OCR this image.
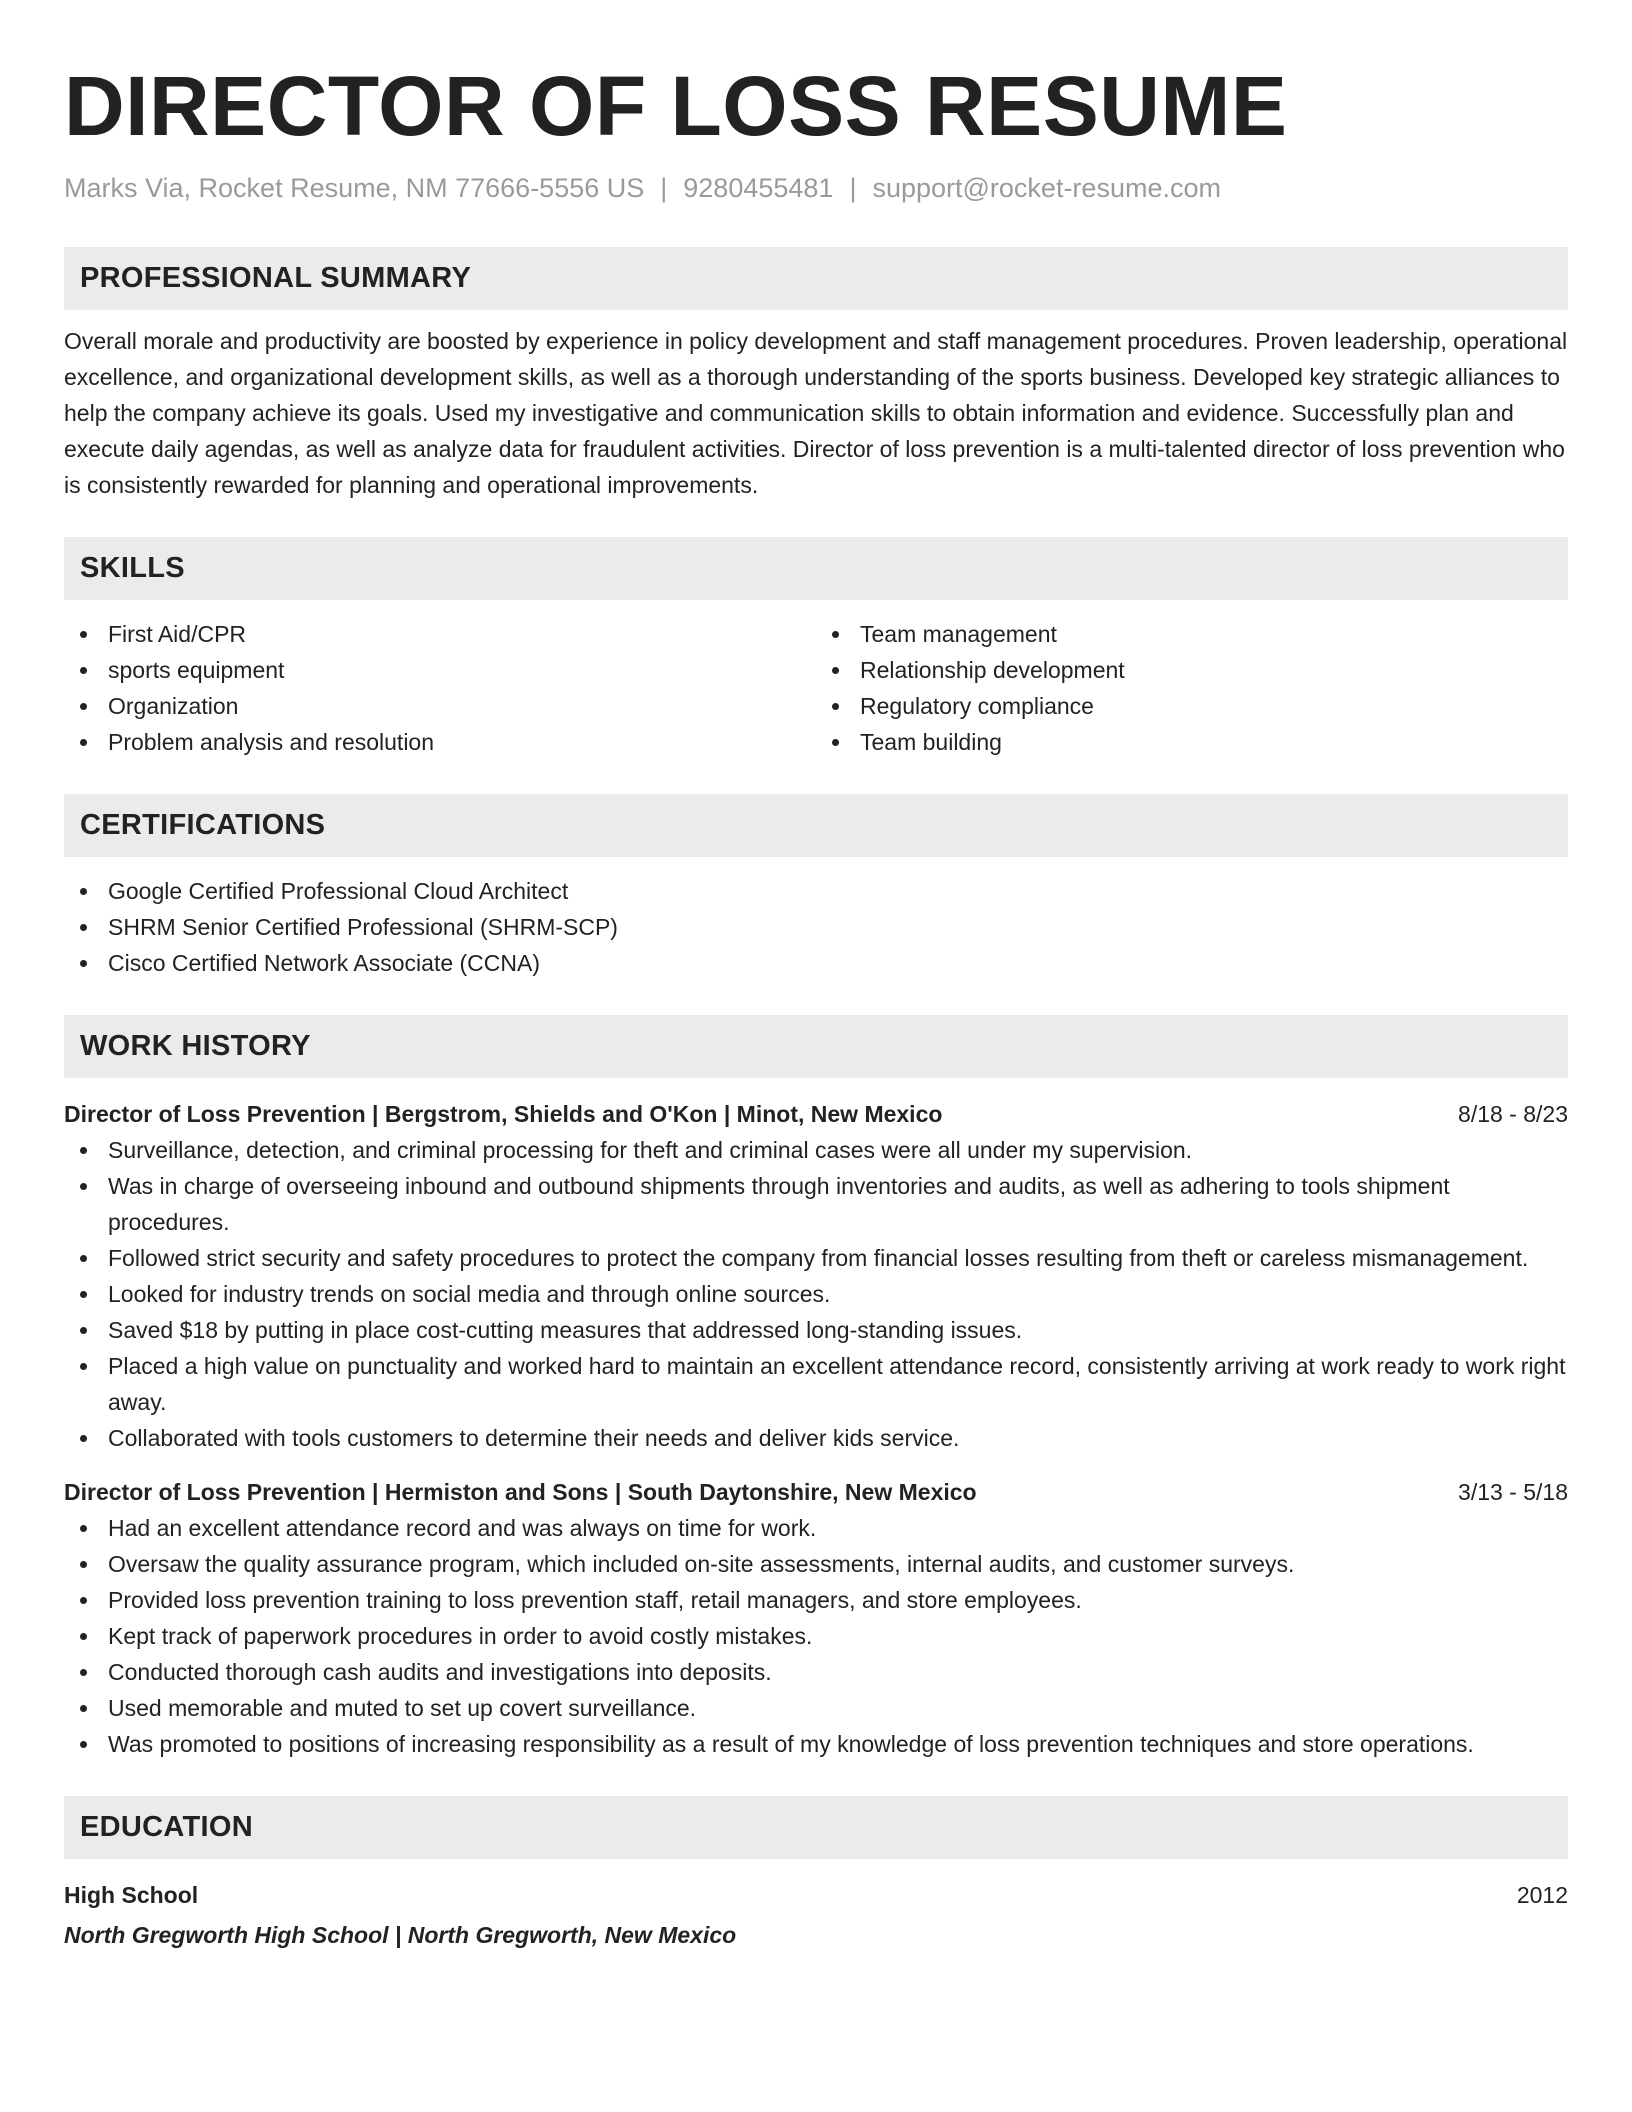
DIRECTOR OF LOSS RESUME
Marks Via, Rocket Resume, NM 77666-5556 US | 9280455481 | support@rocket-resume.com
PROFESSIONAL SUMMARY

Overall morale and productivity are boosted by experience in policy development and staff management procedures. Proven leadership, operational excellence, and organizational development skills, as well as a thorough understanding of the sports business. Developed key strategic alliances to help the company achieve its goals. Used my investigative and communication skills to obtain information and evidence. Successfully plan and execute daily agendas, as well as analyze data for fraudulent activities. Director of loss prevention is a multi-talented director of loss prevention who is consistently rewarded for planning and operational improvements.

SKILLS
First Aid/CPR
sports equipment
Organization
Problem analysis and resolution
Team management
Relationship development
Regulatory compliance
Team building
CERTIFICATIONS
Google Certified Professional Cloud Architect
SHRM Senior Certified Professional (SHRM-SCP)
Cisco Certified Network Associate (CCNA)
WORK HISTORY
Director of Loss Prevention | Bergstrom, Shields and O'Kon | Minot, New Mexico	8/18 - 8/23
Surveillance, detection, and criminal processing for theft and criminal cases were all under my supervision.
Was in charge of overseeing inbound and outbound shipments through inventories and audits, as well as adhering to tools shipment procedures.
Followed strict security and safety procedures to protect the company from financial losses resulting from theft or careless mismanagement.
Looked for industry trends on social media and through online sources.
Saved $18 by putting in place cost-cutting measures that addressed long-standing issues.
Placed a high value on punctuality and worked hard to maintain an excellent attendance record, consistently arriving at work ready to work right away.
Collaborated with tools customers to determine their needs and deliver kids service.
Director of Loss Prevention | Hermiston and Sons | South Daytonshire, New Mexico	3/13 - 5/18
Had an excellent attendance record and was always on time for work.
Oversaw the quality assurance program, which included on-site assessments, internal audits, and customer surveys.
Provided loss prevention training to loss prevention staff, retail managers, and store employees.
Kept track of paperwork procedures in order to avoid costly mistakes.
Conducted thorough cash audits and investigations into deposits.
Used memorable and muted to set up covert surveillance.
Was promoted to positions of increasing responsibility as a result of my knowledge of loss prevention techniques and store operations.
EDUCATION
High School	2012
North Gregworth High School | North Gregworth, New Mexico
